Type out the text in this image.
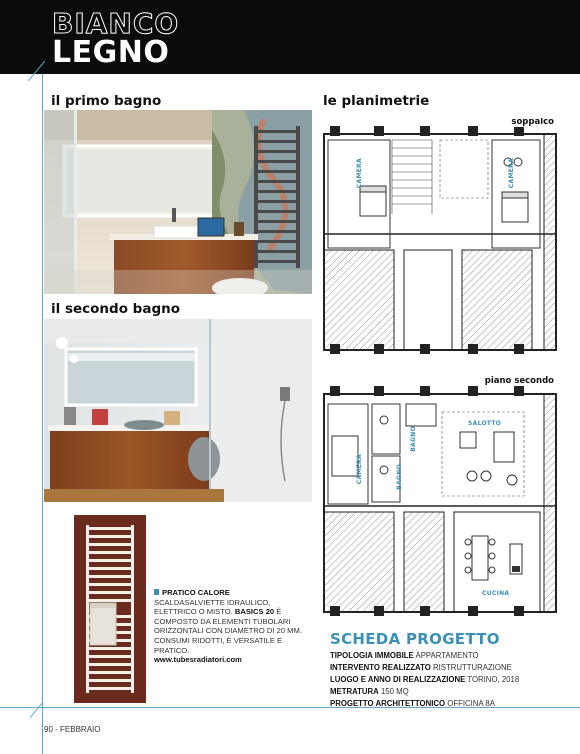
BIANCO
LEGNO
il primo bagno
il secondo bagno
le planimetrie
soppalco
CAMERA	CAMERA
piano secondo
SALOTTO
BAGNO
CAMERA	BAGNO
CUCINA
PRATICO CALORE
SCALDASALVIETTE IDRAULICO, ELETTRICO O MISTO. BASICS 20 È COMPOSTO DA ELEMENTI TUBOLARI ORIZZONTALI CON DIAMETRO DI 20 MM. CONSUMI RIDOTTI, È VERSATILE E PRATICO.
www.tubesradiatori.com
SCHEDA PROGETTO
TIPOLOGIA IMMOBILE APPARTAMENTO
INTERVENTO REALIZZATO RISTRUTTURAZIONE
LUOGO E ANNO DI REALIZZAZIONE TORINO, 2018
METRATURA 150 MQ
PROGETTO ARCHITETTONICO OFFICINA 8A
90 - FEBBRAIO
